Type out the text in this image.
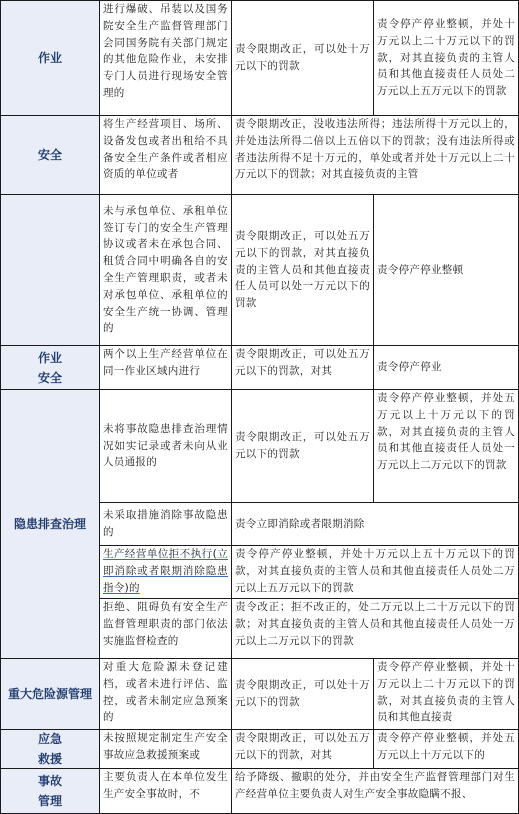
作业
进行爆破、吊装以及国务院安全生产监督管理部门会同国务院有关部门规定的其他危险作业，未安排专门人员进行现场安全管理的
责令限期改正，可以处十万元以下的罚款
责令停产停业整顿，并处十万元以上二十万元以下的罚款，对其直接负责的主管人员和其他直接责任人员处二万元以上五万元以下的罚款
安全
将生产经营项目、场所、设备发包或者出租给不具备安全生产条件或者相应资质的单位或者
责令限期改正，没收违法所得；违法所得十万元以上的，并处违法所得二倍以上五倍以下的罚款；没有违法所得或者违法所得不足十万元的，单处或者并处十万元以上二十万元以下的罚款；对其直接负责的主管
未与承包单位、承租单位签订专门的安全生产管理协议或者未在承包合同、租赁合同中明确各自的安全生产管理职责，或者未对承包单位、承租单位的安全生产统一协调、管理的
责令限期改正，可以处五万元以下的罚款，对其直接负责的主管人员和其他直接责任人员可以处一万元以下的罚款
责令停产停业整顿
作业安全
两个以上生产经营单位在同一作业区域内进行
责令限期改正，可以处五万元以下的罚款，对其	责令停产停业
隐患排查治理
未将事故隐患排查治理情况如实记录或者未向从业人员通报的
责令限期改正，可以处五万元以下的罚款
责令停产停业整顿，并处五万元以上十万元以下的罚款，对其直接负责的主管人员和其他直接责任人员处一万元以上二万元以下的罚款
未采取措施消除事故隐患的
责令立即消除或者限期消除
生产经营单位拒不执行(立即消除或者限期消除隐患指令)的
责令停产停业整顿，并处十万元以上五十万元以下的罚款，对其直接负责的主管人员和其他直接责任人员处二万元以上五万元以下的罚款
拒绝、阻碍负有安全生产监督管理职责的部门依法实施监督检查的
责令改正；拒不改正的，处二万元以上二十万元以下的罚款；对其直接负责的主管人员和其他直接责任人员处一万元以上二万元以下的罚款
重大危险源管理
对重大危险源未登记建档，或者未进行评估、监控，或者未制定应急预案的
责令限期改正，可以处十万元以下的罚款
责令停产停业整顿，并处十万元以上二十万元以下的罚款，对其直接负责的主管人员和其他直接责
应急救援
未按照规定制定生产安全事故应急救援预案或
责令限期改正，可以处五万元以下的罚款，对其
责令停产停业整顿，并处五万元以上十万元以下的
事故管理
主要负责人在本单位发生生产安全事故时，不
给予降级、撤职的处分，并由安全生产监督管理部门对生产经营单位主要负责人对生产安全事故隐瞒不报、
